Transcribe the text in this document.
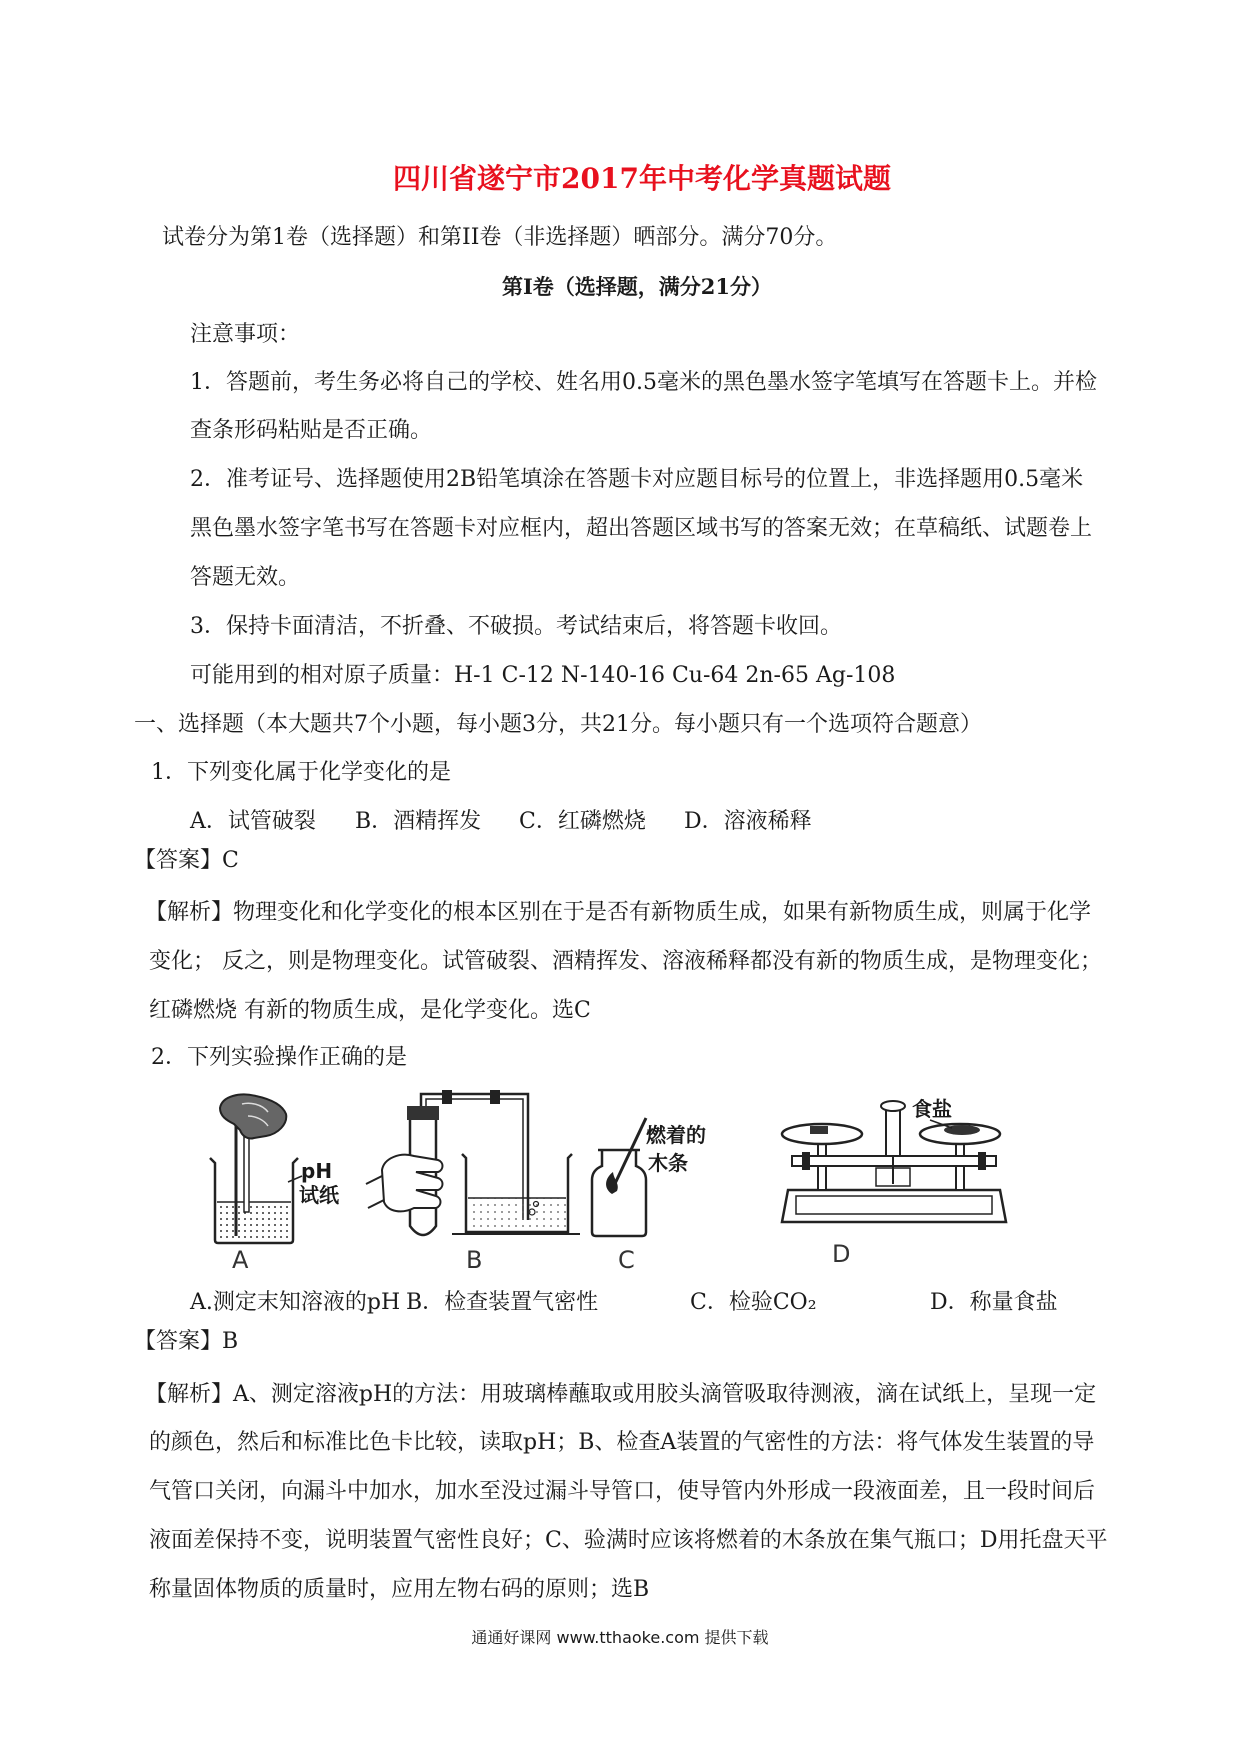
四川省遂宁市2017年中考化学真题试题
试卷分为第1卷（选择题）和第II卷（非选择题）晒部分。满分70分。
第I卷（选择题，满分21分）
注意事项：
1．答题前，考生务必将自己的学校、姓名用0.5毫米的黑色墨水签字笔填写在答题卡上。并检
查条形码粘贴是否正确。
2．准考证号、选择题使用2B铅笔填涂在答题卡对应题目标号的位置上，非选择题用0.5毫米
黑色墨水签字笔书写在答题卡对应框内，超出答题区域书写的答案无效；在草稿纸、试题卷上
答题无效。
3．保持卡面清洁，不折叠、不破损。考试结束后，将答题卡收回。
可能用到的相对原子质量：H-1 C-12 N-140-16 Cu-64 2n-65 Ag-108
一、选择题（本大题共7个小题，每小题3分，共21分。每小题只有一个选项符合题意）
1．下列变化属于化学变化的是
A．试管破裂 B．酒精挥发 C．红磷燃烧 D．溶液稀释
【答案】C
【解析】物理变化和化学变化的根本区别在于是否有新物质生成，如果有新物质生成，则属于化学
变化； 反之，则是物理变化。试管破裂、酒精挥发、溶液稀释都没有新的物质生成，是物理变化；
红磷燃烧 有新的物质生成，是化学变化。选C
2．下列实验操作正确的是
pH
试纸
A	B
燃着的
木条
C
食盐
D
A.测定末知溶液的pH B．检查装置气密性	C．检验CO₂	D．称量食盐
【答案】B
【解析】A、测定溶液pH的方法：用玻璃棒蘸取或用胶头滴管吸取待测液，滴在试纸上，呈现一定
的颜色，然后和标准比色卡比较，读取pH；B、检查A装置的气密性的方法：将气体发生装置的导
气管口关闭，向漏斗中加水，加水至没过漏斗导管口，使导管内外形成一段液面差，且一段时间后
液面差保持不变，说明装置气密性良好；C、验满时应该将燃着的木条放在集气瓶口；D用托盘天平
称量固体物质的质量时，应用左物右码的原则；选B
通通好课网 www.tthaoke.com 提供下载
